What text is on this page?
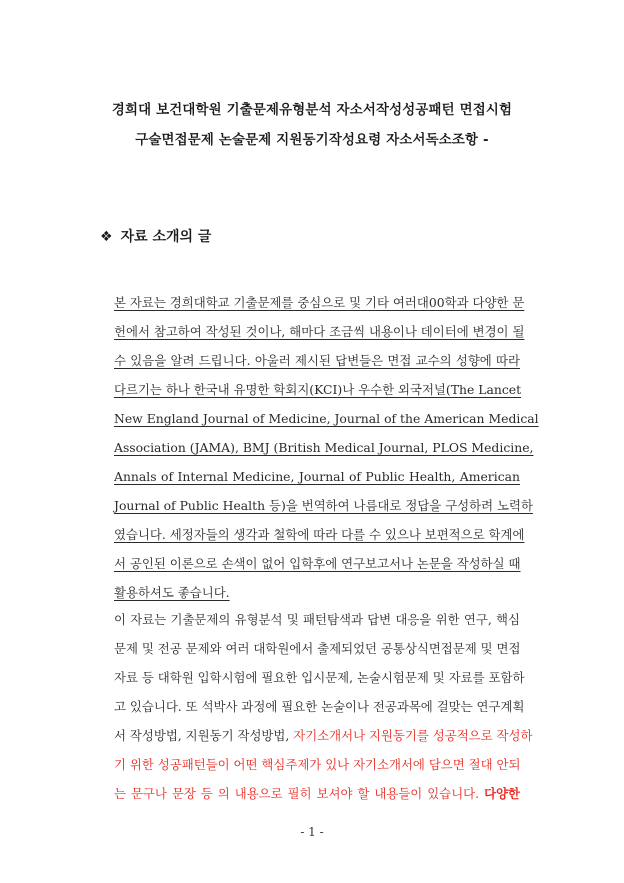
경희대 보건대학원 기출문제유형분석 자소서작성성공패턴 면접시험
구술면접문제 논술문제 지원동기작성요령 자소서독소조항 -
❖ 자료 소개의 글
본 자료는 경희대학교 기출문제를 중심으로 및 기타 여러대00학과 다양한 문
헌에서 참고하여 작성된 것이나, 해마다 조금씩 내용이나 데이터에 변경이 될
수 있음을 알려 드립니다. 아울러 제시된 답변들은 면접 교수의 성향에 따라
다르기는 하나 한국내 유명한 학회지(KCI)나 우수한 외국저널(The Lancet
New England Journal of Medicine, Journal of the American Medical
Association (JAMA), BMJ (British Medical Journal, PLOS Medicine,
Annals of Internal Medicine, Journal of Public Health, American
Journal of Public Health 등)을 번역하여 나름대로 정답을 구성하려 노력하
였습니다. 세정자들의 생각과 철학에 따라 다를 수 있으나 보편적으로 학계에
서 공인된 이론으로 손색이 없어 입학후에 연구보고서나 논문을 작성하실 때
활용하셔도 좋습니다.
이 자료는 기출문제의 유형분석 및 패턴탐색과 답변 대응을 위한 연구, 핵심
문제 및 전공 문제와 여러 대학원에서 출제되었던 공통상식면접문제 및 면접
자료 등 대학원 입학시험에 필요한 입시문제, 논술시험문제 및 자료를 포함하
고 있습니다. 또 석박사 과정에 필요한 논술이나 전공과목에 걸맞는 연구계획
서 작성방법, 지원동기 작성방법, 자기소개서나 지원동기를 성공적으로 작성하
기 위한 성공패턴들이 어떤 핵심주제가 있나 자기소개서에 담으면 절대 안되
는 문구나 문장 등 의 내용으로 필히 보셔야 할 내용들이 있습니다. 다양한
- 1 -
